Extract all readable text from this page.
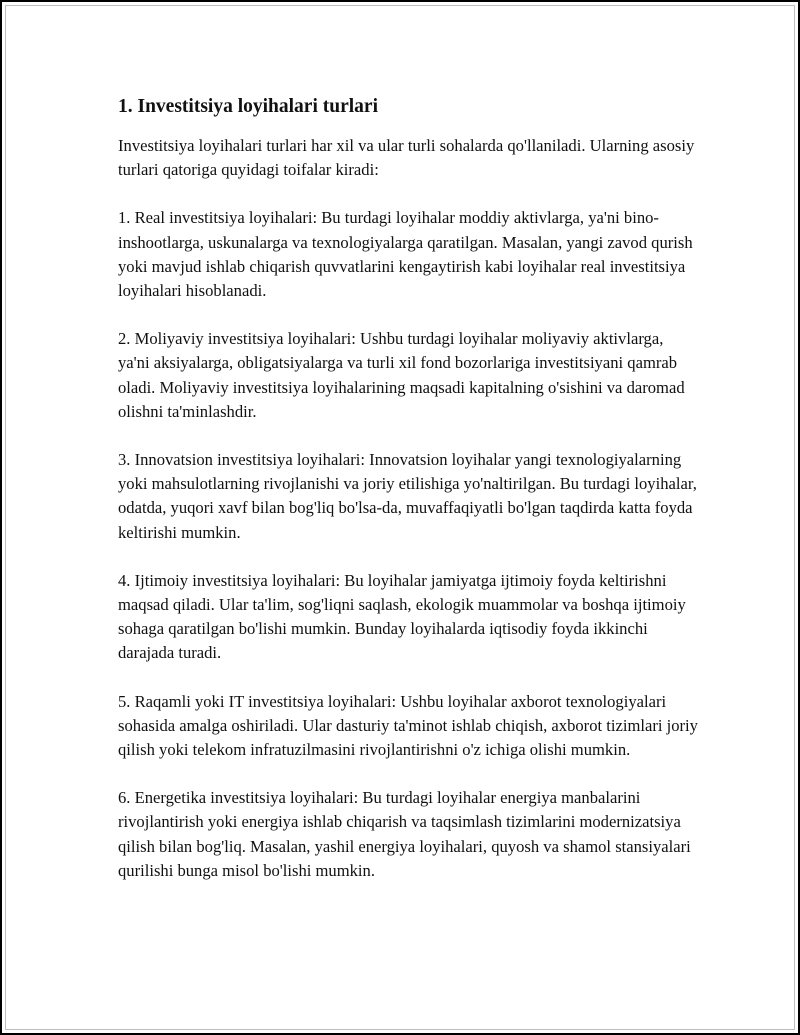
1. Investitsiya loyihalari turlari

Investitsiya loyihalari turlari har xil va ular turli sohalarda qo'llaniladi. Ularning asosiy turlari qatoriga quyidagi toifalar kiradi:

1. Real investitsiya loyihalari: Bu turdagi loyihalar moddiy aktivlarga, ya'ni bino-inshootlarga, uskunalarga va texnologiyalarga qaratilgan. Masalan, yangi zavod qurish yoki mavjud ishlab chiqarish quvvatlarini kengaytirish kabi loyihalar real investitsiya loyihalari hisoblanadi.

2. Moliyaviy investitsiya loyihalari: Ushbu turdagi loyihalar moliyaviy aktivlarga, ya'ni aksiyalarga, obligatsiyalarga va turli xil fond bozorlariga investitsiyani qamrab oladi. Moliyaviy investitsiya loyihalarining maqsadi kapitalning o'sishini va daromad olishni ta'minlashdir.

3. Innovatsion investitsiya loyihalari: Innovatsion loyihalar yangi texnologiyalarning yoki mahsulotlarning rivojlanishi va joriy etilishiga yo'naltirilgan. Bu turdagi loyihalar, odatda, yuqori xavf bilan bog'liq bo'lsa-da, muvaffaqiyatli bo'lgan taqdirda katta foyda keltirishi mumkin.

4. Ijtimoiy investitsiya loyihalari: Bu loyihalar jamiyatga ijtimoiy foyda keltirishni maqsad qiladi. Ular ta'lim, sog'liqni saqlash, ekologik muammolar va boshqa ijtimoiy sohaga qaratilgan bo'lishi mumkin. Bunday loyihalarda iqtisodiy foyda ikkinchi darajada turadi.

5. Raqamli yoki IT investitsiya loyihalari: Ushbu loyihalar axborot texnologiyalari sohasida amalga oshiriladi. Ular dasturiy ta'minot ishlab chiqish, axborot tizimlari joriy qilish yoki telekom infratuzilmasini rivojlantirishni o'z ichiga olishi mumkin.

6. Energetika investitsiya loyihalari: Bu turdagi loyihalar energiya manbalarini rivojlantirish yoki energiya ishlab chiqarish va taqsimlash tizimlarini modernizatsiya qilish bilan bog'liq. Masalan, yashil energiya loyihalari, quyosh va shamol stansiyalari qurilishi bunga misol bo'lishi mumkin.
